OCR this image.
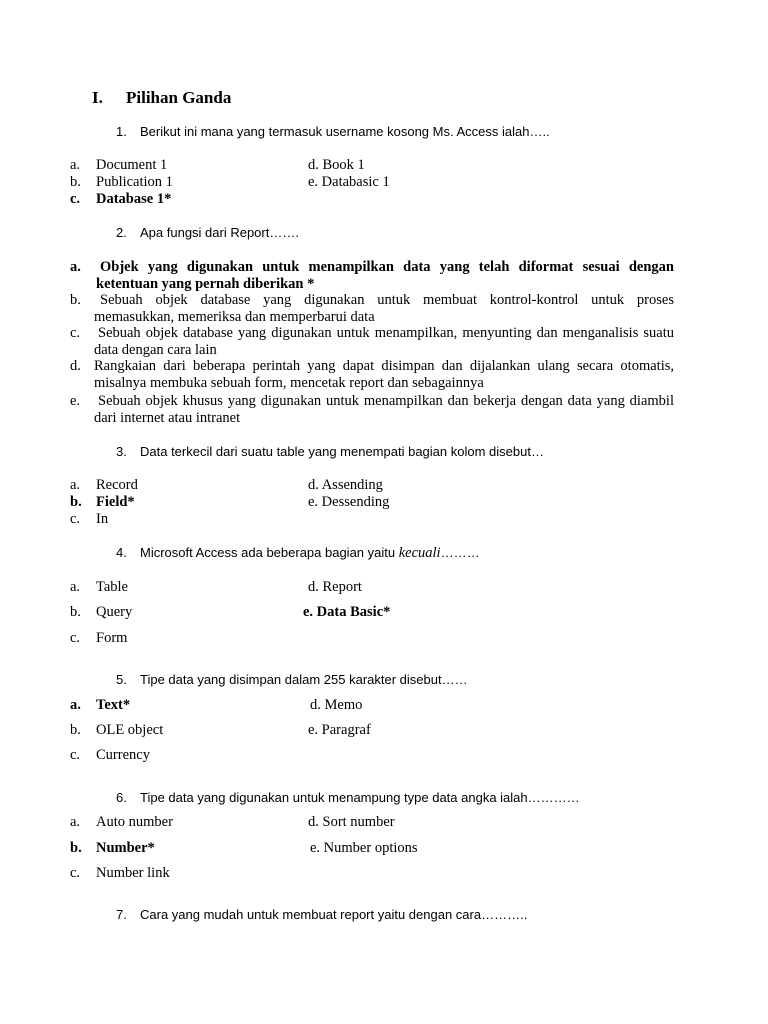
I. Pilihan Ganda
1. Berikut ini mana yang termasuk username kosong Ms. Access ialah…..
a. Document 1	d. Book 1
b. Publication 1	e. Databasic 1
c. Database 1*
2. Apa fungsi dari Report…….
a. Objek yang digunakan untuk menampilkan data yang telah diformat sesuai dengan ketentuan yang pernah diberikan *
b.	Sebuah objek database yang digunakan untuk membuat kontrol-kontrol untuk proses memasukkan, memeriksa dan memperbarui data
c. Sebuah objek database yang digunakan untuk menampilkan, menyunting dan menganalisis suatu data dengan cara lain
d. Rangkaian dari beberapa perintah yang dapat disimpan dan dijalankan ulang secara otomatis, misalnya membuka sebuah form, mencetak report dan sebagainnya
e. Sebuah objek khusus yang digunakan untuk menampilkan dan bekerja dengan data yang diambil dari internet atau intranet
3. Data terkecil dari suatu table yang menempati bagian kolom disebut…
a. Record	d. Assending
b. Field*	e. Dessending
c. In
4. Microsoft Access ada beberapa bagian yaitu kecuali………
a. Table	d. Report
b. Query	e. Data Basic*
c. Form
5. Tipe data yang disimpan dalam 255 karakter disebut……
a. Text*	d. Memo
b. OLE object	e. Paragraf
c. Currency
6. Tipe data yang digunakan untuk menampung type data angka ialah…………
a. Auto number	d. Sort number
b. Number*	e. Number options
c. Number link
7. Cara yang mudah untuk membuat report yaitu dengan cara………..
